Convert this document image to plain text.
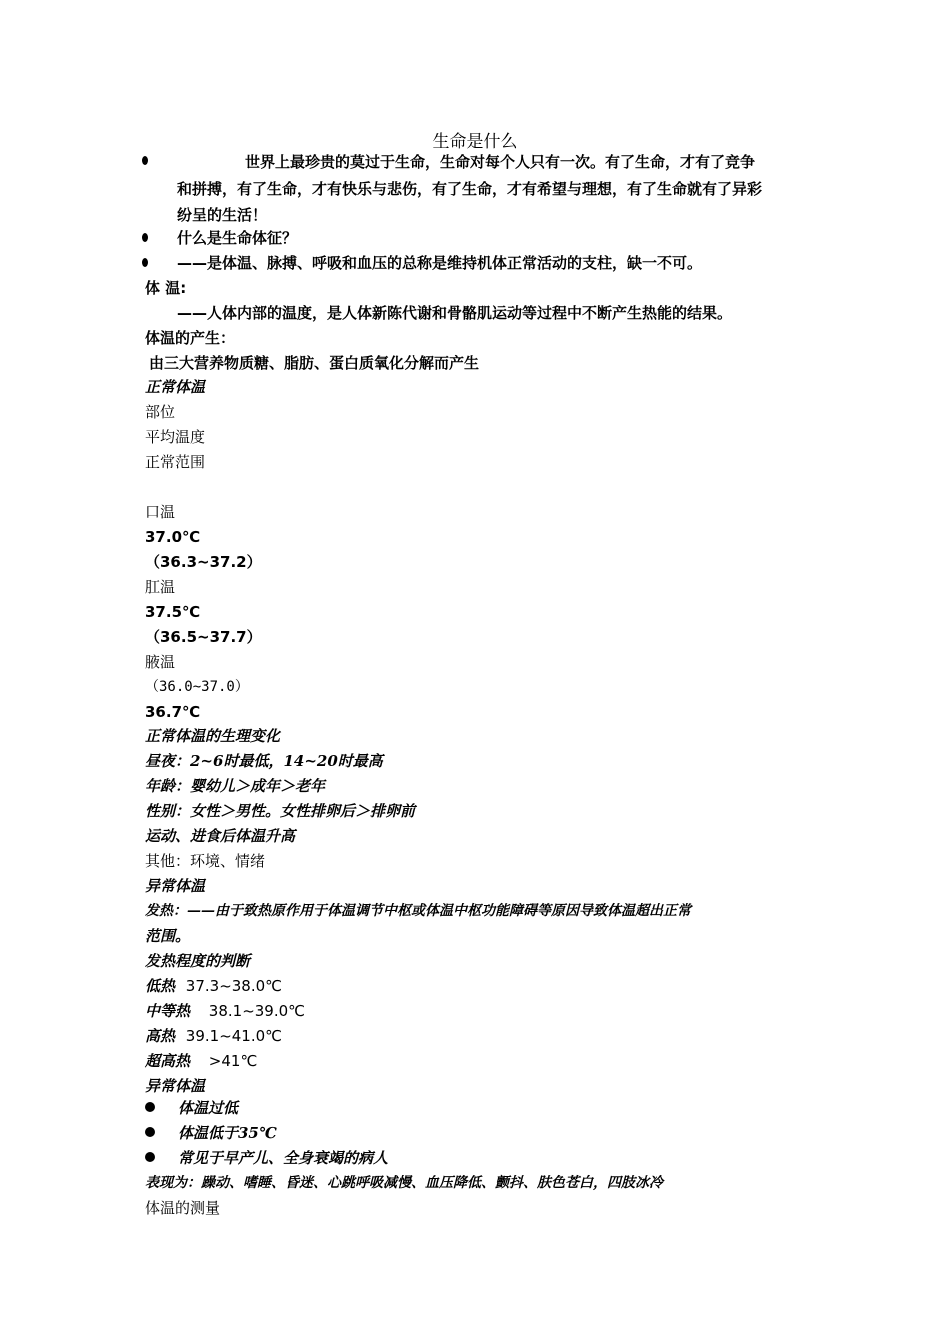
生命是什么
世界上最珍贵的莫过于生命，生命对每个人只有一次。有了生命，才有了竞争
和拼搏，有了生命，才有快乐与悲伤，有了生命，才有希望与理想，有了生命就有了异彩
纷呈的生活！
什么是生命体征？
——是体温、脉搏、呼吸和血压的总称是维持机体正常活动的支柱，缺一不可。
体 温:
——人体内部的温度，是人体新陈代谢和骨骼肌运动等过程中不断产生热能的结果。
体温的产生：
由三大营养物质糖、脂肪、蛋白质氧化分解而产生
正常体温
部位
平均温度
正常范围
口温
37.0℃
（36.3~37.2）
肛温
37.5℃
（36.5~37.7）
腋温
（36.0~37.0）
36.7℃
正常体温的生理变化
昼夜：2~6时最低，14~20时最高
年龄：婴幼儿＞成年＞老年
性别：女性＞男性。女性排卵后＞排卵前
运动、进食后体温升高
其他：环境、情绪
异常体温
发热：——由于致热原作用于体温调节中枢或体温中枢功能障碍等原因导致体温超出正常
范围。
发热程度的判断
低热 37.3~38.0℃
中等热 38.1~39.0℃
高热 39.1~41.0℃
超高热 >41℃
异常体温
体温过低
体温低于35℃
常见于早产儿、全身衰竭的病人
表现为：躁动、嗜睡、昏迷、心跳呼吸减慢、血压降低、颤抖、肤色苍白，四肢冰冷
体温的测量
